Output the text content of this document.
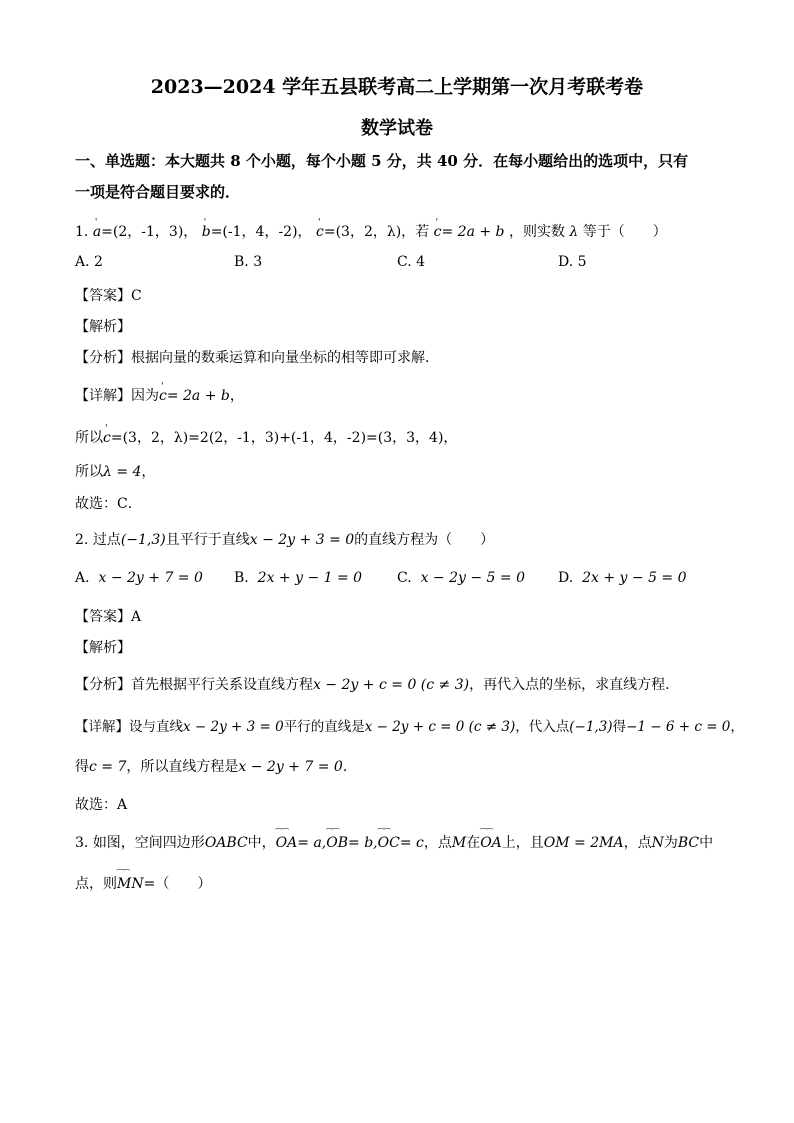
2023—2024 学年五县联考高二上学期第一次月考联考卷
数学试卷
一、单选题：本大题共 8 个小题，每个小题 5 分，共 40 分．在每小题给出的选项中，只有
一项是符合题目要求的．
1. ' a=(2，-1，3)， ' b=(-1，4，-2)， ' c=(3，2，λ)，若 ' c= 2a + b ，则实数 λ 等于（　　）
A. 2	B. 3	C. 4	D. 5
【答案】C
【解析】
【分析】根据向量的数乘运算和向量坐标的相等即可求解．
【详解】因为' c= 2a + b，
所以' c=(3，2，λ)=2(2，-1，3)+(-1，4，-2)=(3，3，4)，
所以λ = 4，
故选：C．
2. 过点(−1,3)且平行于直线x − 2y + 3 = 0的直线方程为（　　）
A. x − 2y + 7 = 0 B. 2x + y − 1 = 0 C. x − 2y − 5 = 0 D. 2x + y − 5 = 0
【答案】A
【解析】
【分析】首先根据平行关系设直线方程x − 2y + c = 0 (c ≠ 3)，再代入点的坐标，求直线方程.
【详解】设与直线x − 2y + 3 = 0平行的直线是x − 2y + c = 0 (c ≠ 3)，代入点(−1,3)得−1 − 6 + c = 0，
得c = 7，所以直线方程是x − 2y + 7 = 0.
故选：A
3. 如图，空间四边形OABC中，‿‿ OA= a,‿‿ OB= b,‿‿ OC= c，点M在‿‿ OA上，且OM = 2MA，点N为BC中
点，则‿‿ MN=（　　）
